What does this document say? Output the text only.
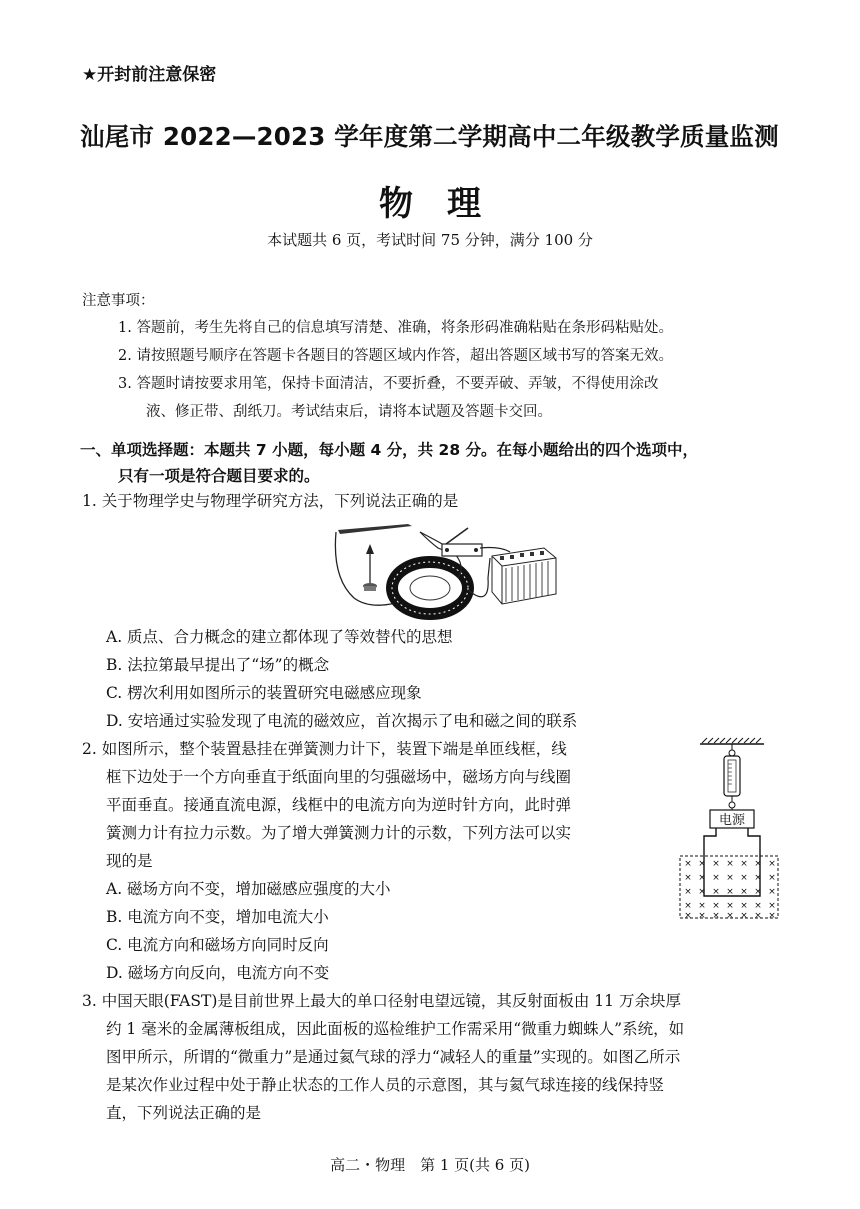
★开封前注意保密
汕尾市 2022—2023 学年度第二学期高中二年级教学质量监测
物　理
本试题共 6 页，考试时间 75 分钟，满分 100 分
注意事项：
1. 答题前，考生先将自己的信息填写清楚、准确，将条形码准确粘贴在条形码粘贴处。
2. 请按照题号顺序在答题卡各题目的答题区域内作答，超出答题区域书写的答案无效。
3. 答题时请按要求用笔，保持卡面清洁，不要折叠，不要弄破、弄皱，不得使用涂改
液、修正带、刮纸刀。考试结束后，请将本试题及答题卡交回。
一、单项选择题：本题共 7 小题，每小题 4 分，共 28 分。在每小题给出的四个选项中，
只有一项是符合题目要求的。
1. 关于物理学史与物理学研究方法，下列说法正确的是
A. 质点、合力概念的建立都体现了等效替代的思想
B. 法拉第最早提出了“场”的概念
C. 楞次利用如图所示的装置研究电磁感应现象
D. 安培通过实验发现了电流的磁效应，首次揭示了电和磁之间的联系
2. 如图所示，整个装置悬挂在弹簧测力计下，装置下端是单匝线框，线
框下边处于一个方向垂直于纸面向里的匀强磁场中，磁场方向与线圈
平面垂直。接通直流电源，线框中的电流方向为逆时针方向，此时弹
簧测力计有拉力示数。为了增大弹簧测力计的示数，下列方法可以实
现的是
A. 磁场方向不变，增加磁感应强度的大小
B. 电流方向不变，增加电流大小
C. 电流方向和磁场方向同时反向
D. 磁场方向反向，电流方向不变
电源
× × × × × × ×
× × × × × × ×
× × × × × × ×
× × × × × × ×
× × × × × × ×
3. 中国天眼(FAST)是目前世界上最大的单口径射电望远镜，其反射面板由 11 万余块厚
约 1 毫米的金属薄板组成，因此面板的巡检维护工作需采用“微重力蜘蛛人”系统，如
图甲所示，所谓的“微重力”是通过氦气球的浮力“减轻人的重量”实现的。如图乙所示
是某次作业过程中处于静止状态的工作人员的示意图，其与氦气球连接的线保持竖
直，下列说法正确的是
高二・物理　第 1 页(共 6 页)
